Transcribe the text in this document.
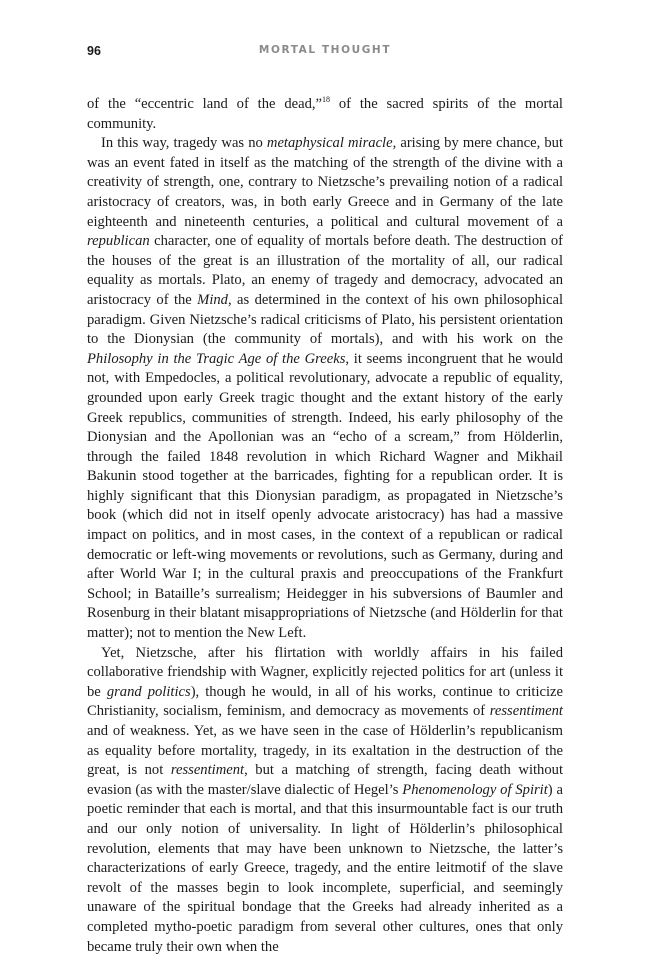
96	MORTAL THOUGHT

of the “eccentric land of the dead,”$^{18}$ of the sacred spirits of the mortal community.

In this way, tragedy was no metaphysical miracle, arising by mere chance, but was an event fated in itself as the matching of the strength of the divine with a creativity of strength, one, contrary to Nietzsche’s prevailing notion of a radical aristocracy of creators, was, in both early Greece and in Germany of the late eighteenth and nineteenth centuries, a political and cultural movement of a republican character, one of equality of mortals before death. The destruction of the houses of the great is an illustration of the mortality of all, our radical equality as mortals. Plato, an enemy of tragedy and democracy, advocated an aristocracy of the Mind, as determined in the context of his own philosophical paradigm. Given Nietzsche’s radical criticisms of Plato, his persistent orientation to the Dionysian (the community of mortals), and with his work on the Philosophy in the Tragic Age of the Greeks, it seems incongruent that he would not, with Empedocles, a political revolutionary, advocate a republic of equality, grounded upon early Greek tragic thought and the extant history of the early Greek republics, communities of strength. Indeed, his early philosophy of the Dionysian and the Apollonian was an “echo of a scream,” from Hölderlin, through the failed 1848 revolution in which Richard Wagner and Mikhail Bakunin stood together at the barricades, fighting for a republican order. It is highly significant that this Dionysian paradigm, as propagated in Nietzsche’s book (which did not in itself openly advocate aristocracy) has had a massive impact on politics, and in most cases, in the context of a republican or radical democratic or left-wing movements or revolutions, such as Germany, during and after World War I; in the cultural praxis and preoccupations of the Frankfurt School; in Bataille’s surrealism; Heidegger in his subversions of Baumler and Rosenburg in their blatant misappropriations of Nietzsche (and Hölderlin for that matter); not to mention the New Left.

Yet, Nietzsche, after his flirtation with worldly affairs in his failed collaborative friendship with Wagner, explicitly rejected politics for art (unless it be grand politics), though he would, in all of his works, continue to criticize Christianity, socialism, feminism, and democracy as movements of ressentiment and of weakness. Yet, as we have seen in the case of Hölderlin’s republicanism as equality before mortality, tragedy, in its exaltation in the destruction of the great, is not ressentiment, but a matching of strength, facing death without evasion (as with the master/slave dialectic of Hegel’s Phenomenology of Spirit) a poetic reminder that each is mortal, and that this insurmountable fact is our truth and our only notion of universality. In light of Hölderlin’s philosophical revolution, elements that may have been unknown to Nietzsche, the latter’s characterizations of early Greece, tragedy, and the entire leitmotif of the slave revolt of the masses begin to look incomplete, superficial, and seemingly unaware of the spiritual bondage that the Greeks had already inherited as a completed mytho-poetic paradigm from several other cultures, ones that only became truly their own when the
